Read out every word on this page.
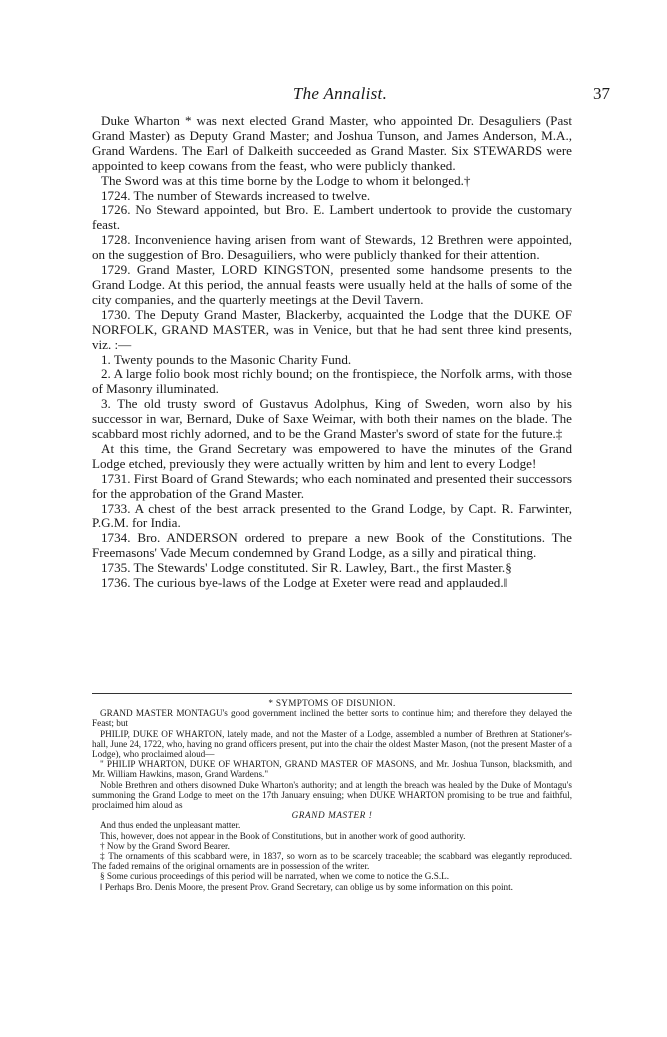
The Annalist.	37

Duke Wharton * was next elected Grand Master, who appointed Dr. Desaguliers (Past Grand Master) as Deputy Grand Master; and Joshua Tunson, and James Anderson, M.A., Grand Wardens. The Earl of Dalkeith succeeded as Grand Master. Six STEWARDS were appointed to keep cowans from the feast, who were publicly thanked.

The Sword was at this time borne by the Lodge to whom it belonged.†

1724. The number of Stewards increased to twelve.

1726. No Steward appointed, but Bro. E. Lambert undertook to provide the customary feast.

1728. Inconvenience having arisen from want of Stewards, 12 Brethren were appointed, on the suggestion of Bro. Desaguiliers, who were publicly thanked for their attention.

1729. Grand Master, LORD KINGSTON, presented some handsome presents to the Grand Lodge. At this period, the annual feasts were usually held at the halls of some of the city companies, and the quarterly meetings at the Devil Tavern.

1730. The Deputy Grand Master, Blackerby, acquainted the Lodge that the DUKE OF NORFOLK, GRAND MASTER, was in Venice, but that he had sent three kind presents, viz. :—

1. Twenty pounds to the Masonic Charity Fund.

2. A large folio book most richly bound; on the frontispiece, the Norfolk arms, with those of Masonry illuminated.

3. The old trusty sword of Gustavus Adolphus, King of Sweden, worn also by his successor in war, Bernard, Duke of Saxe Weimar, with both their names on the blade. The scabbard most richly adorned, and to be the Grand Master's sword of state for the future.‡

At this time, the Grand Secretary was empowered to have the minutes of the Grand Lodge etched, previously they were actually written by him and lent to every Lodge!

1731. First Board of Grand Stewards; who each nominated and presented their successors for the approbation of the Grand Master.

1733. A chest of the best arrack presented to the Grand Lodge, by Capt. R. Farwinter, P.G.M. for India.

1734. Bro. ANDERSON ordered to prepare a new Book of the Constitutions. The Freemasons' Vade Mecum condemned by Grand Lodge, as a silly and piratical thing.

1735. The Stewards' Lodge constituted. Sir R. Lawley, Bart., the first Master.§

1736. The curious bye-laws of the Lodge at Exeter were read and applauded.‖

* SYMPTOMS OF DISUNION.

GRAND MASTER MONTAGU's good government inclined the better sorts to continue him; and therefore they delayed the Feast; but

PHILIP, DUKE OF WHARTON, lately made, and not the Master of a Lodge, assembled a number of Brethren at Stationer's-hall, June 24, 1722, who, having no grand officers present, put into the chair the oldest Master Mason, (not the present Master of a Lodge), who proclaimed aloud—

" PHILIP WHARTON, DUKE OF WHARTON, GRAND MASTER OF MASONS, and Mr. Joshua Tunson, blacksmith, and Mr. William Hawkins, mason, Grand Wardens."

Noble Brethren and others disowned Duke Wharton's authority; and at length the breach was healed by the Duke of Montagu's summoning the Grand Lodge to meet on the 17th January ensuing; when DUKE WHARTON promising to be true and faithful, proclaimed him aloud as

GRAND MASTER !

And thus ended the unpleasant matter.

This, however, does not appear in the Book of Constitutions, but in another work of good authority.

† Now by the Grand Sword Bearer.

‡ The ornaments of this scabbard were, in 1837, so worn as to be scarcely traceable; the scabbard was elegantly reproduced. The faded remains of the original ornaments are in possession of the writer.

§ Some curious proceedings of this period will be narrated, when we come to notice the G.S.L.

‖ Perhaps Bro. Denis Moore, the present Prov. Grand Secretary, can oblige us by some information on this point.
